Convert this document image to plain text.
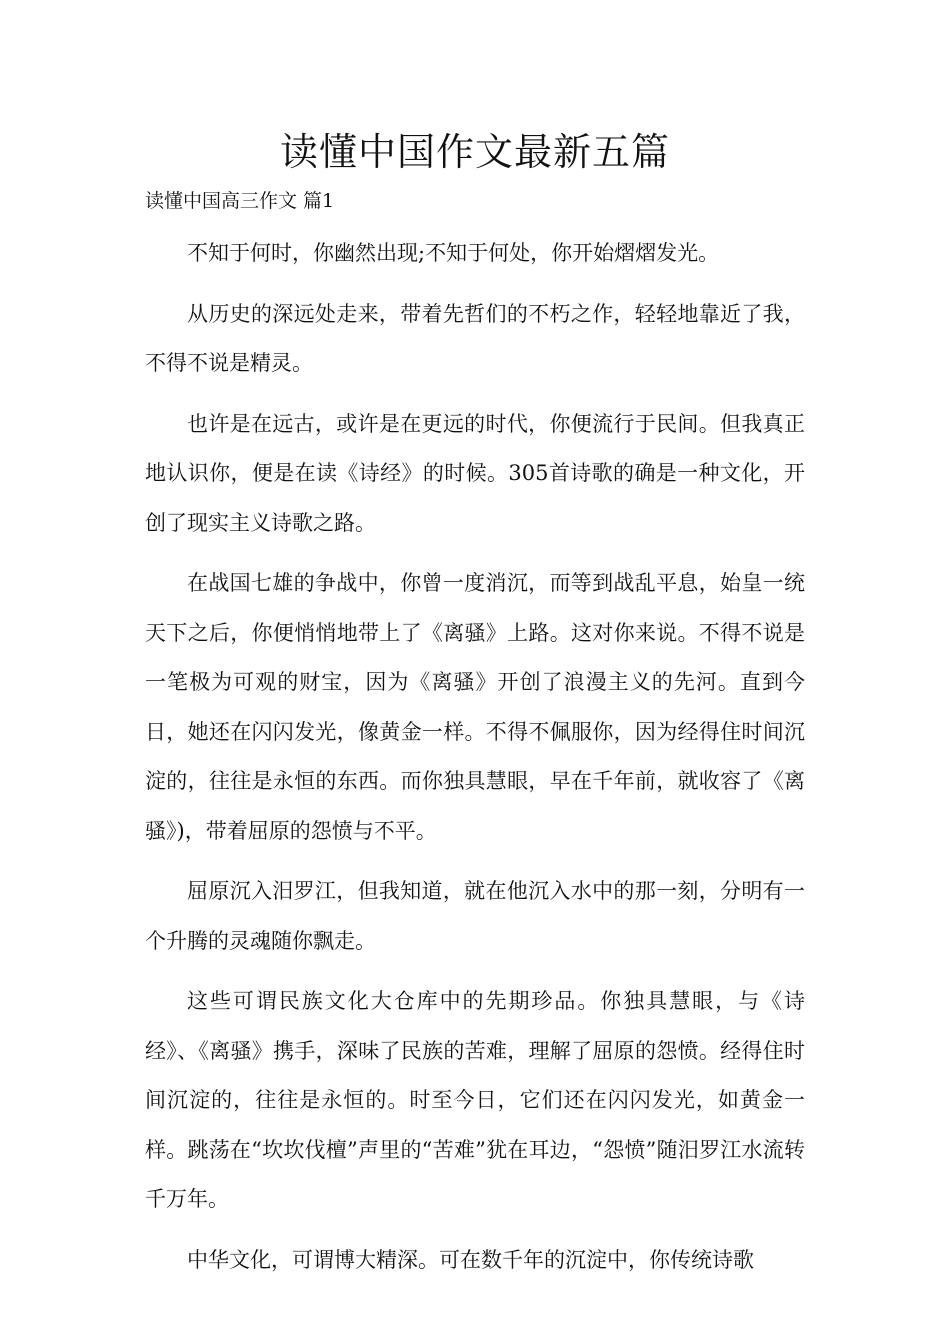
读懂中国作文最新五篇

读懂中国高三作文 篇1

不知于何时，你幽然出现;不知于何处，你开始熠熠发光。

从历史的深远处走来，带着先哲们的不朽之作，轻轻地靠近了我，不得不说是精灵。

也许是在远古，或许是在更远的时代，你便流行于民间。但我真正地认识你，便是在读《诗经》的时候。305首诗歌的确是一种文化，开创了现实主义诗歌之路。

在战国七雄的争战中，你曾一度消沉，而等到战乱平息，始皇一统天下之后，你便悄悄地带上了《离骚》上路。这对你来说。不得不说是一笔极为可观的财宝，因为《离骚》开创了浪漫主义的先河。直到今日，她还在闪闪发光，像黄金一样。不得不佩服你，因为经得住时间沉淀的，往往是永恒的东西。而你独具慧眼，早在千年前，就收容了《离骚》)，带着屈原的怨愤与不平。

屈原沉入汨罗江，但我知道，就在他沉入水中的那一刻，分明有一个升腾的灵魂随你飘走。

这些可谓民族文化大仓库中的先期珍品。你独具慧眼，与《诗经》、《离骚》携手，深味了民族的苦难，理解了屈原的怨愤。经得住时间沉淀的，往往是永恒的。时至今日，它们还在闪闪发光，如黄金一样。跳荡在“坎坎伐檀”声里的“苦难”犹在耳边，“怨愤”随汨罗江水流转千万年。

中华文化，可谓博大精深。可在数千年的沉淀中，你传统诗歌
